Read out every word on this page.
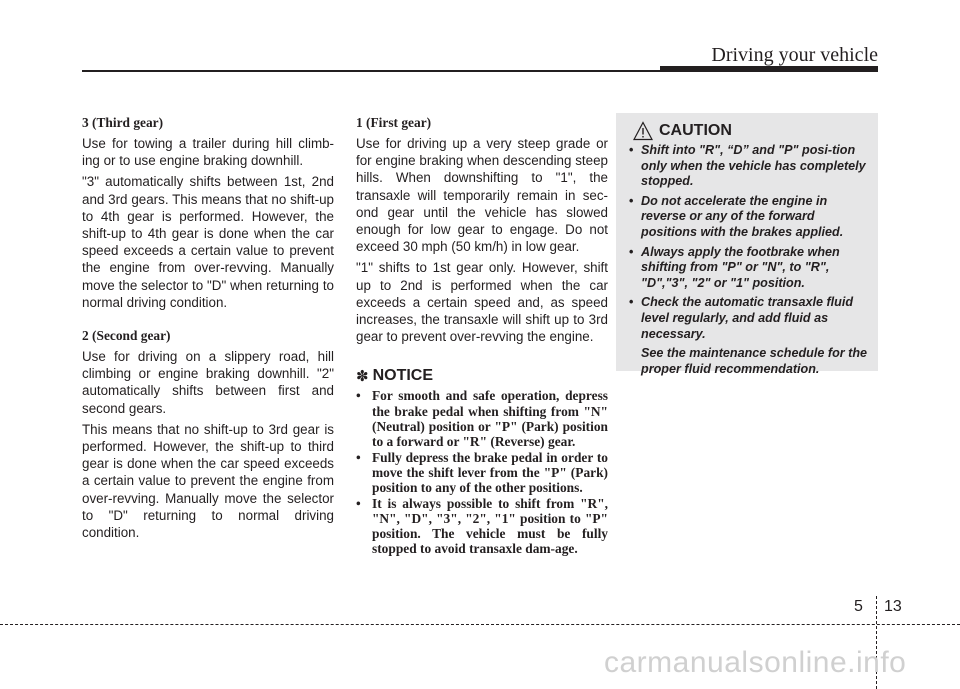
Driving your vehicle
3 (Third gear)

Use for towing a trailer during hill climb-ing or to use engine braking downhill.

"3" automatically shifts between 1st, 2nd and 3rd gears. This means that no shift-up to 4th gear is performed. However, the shift-up to 4th gear is done when the car speed exceeds a certain value to prevent the engine from over-revving. Manually move the selector to "D" when returning to normal driving condition.

2 (Second gear)

Use for driving on a slippery road, hill climbing or engine braking downhill. "2" automatically shifts between first and second gears.

This means that no shift-up to 3rd gear is performed. However, the shift-up to third gear is done when the car speed exceeds a certain value to prevent the engine from over-revving. Manually move the selector to "D" returning to normal driving condition.

1 (First gear)

Use for driving up a very steep grade or for engine braking when descending steep hills. When downshifting to "1", the transaxle will temporarily remain in sec-ond gear until the vehicle has slowed enough for low gear to engage. Do not exceed 30 mph (50 km/h) in low gear.

"1" shifts to 1st gear only. However, shift up to 2nd is performed when the car exceeds a certain speed and, as speed increases, the transaxle will shift up to 3rd gear to prevent over-revving the engine.

✽ NOTICE
• For smooth and safe operation, depress the brake pedal when shifting from "N" (Neutral) position or "P" (Park) position to a forward or "R" (Reverse) gear.
• Fully depress the brake pedal in order to move the shift lever from the "P" (Park) position to any of the other positions.
• It is always possible to shift from "R", "N", "D", "3", "2", "1" position to "P" position. The vehicle must be fully stopped to avoid transaxle dam-age.
CAUTION
• Shift into "R", “D” and "P" posi-tion only when the vehicle has completely stopped.
• Do not accelerate the engine in reverse or any of the forward positions with the brakes applied.
• Always apply the footbrake when shifting from "P" or "N", to "R", "D","3", "2" or "1" position.
• Check the automatic transaxle fluid level regularly, and add fluid as necessary.
See the maintenance schedule for the proper fluid recommendation.
5 13
carmanualsonline.info
